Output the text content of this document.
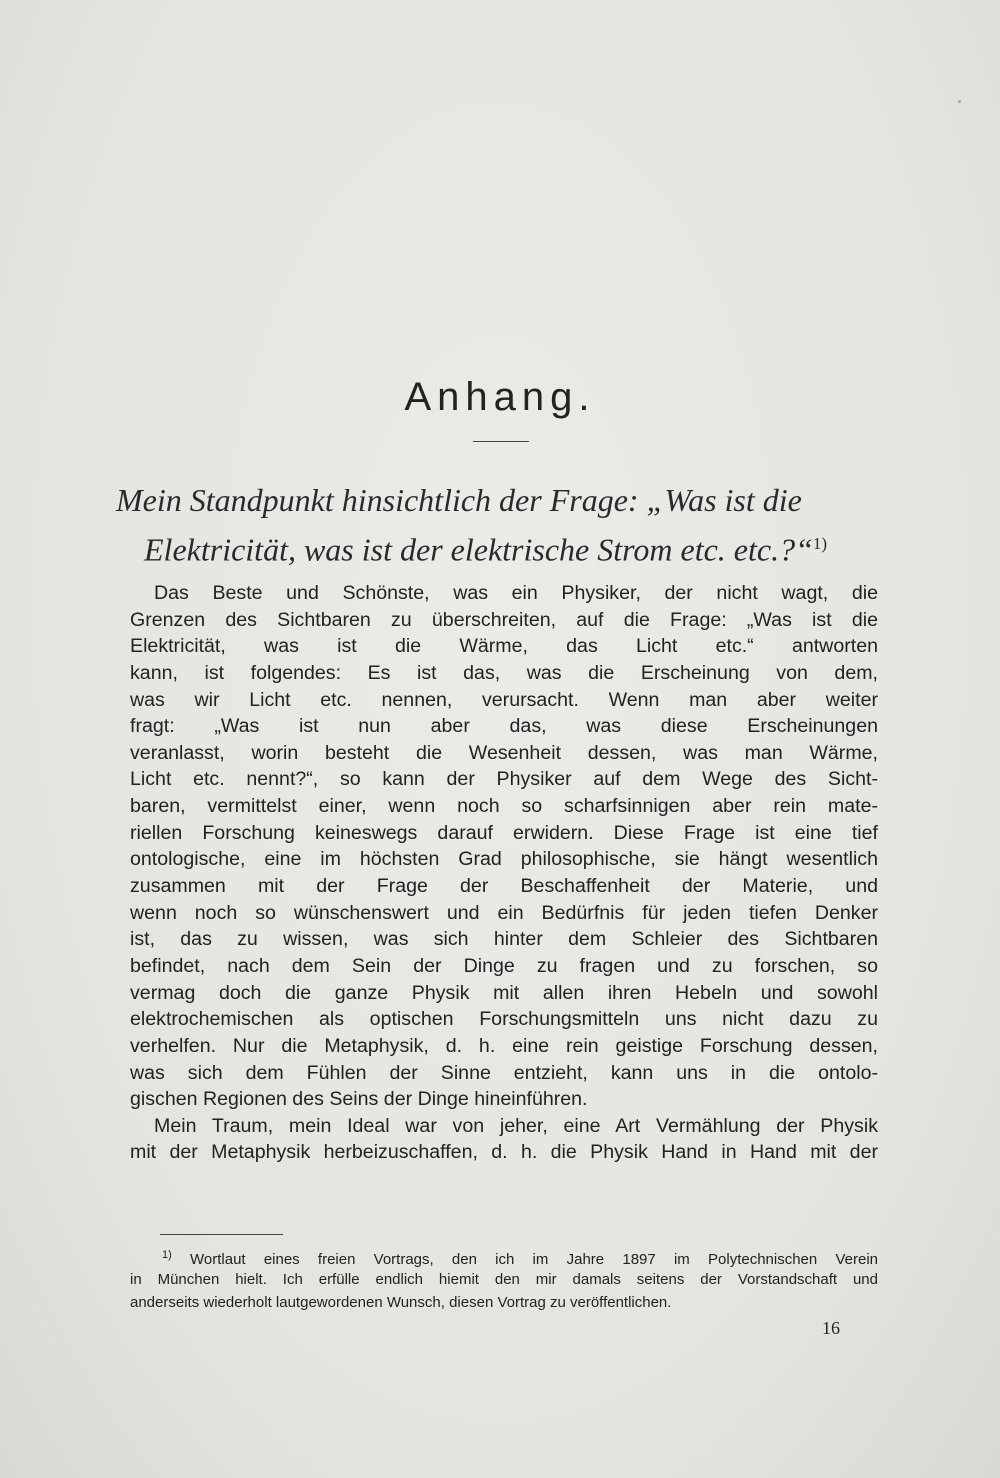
Anhang.
Mein Standpunkt hinsichtlich der Frage: „Was ist die
Elektricität, was ist der elektrische Strom etc. etc.?“$^{1)}$
Das Beste und Schönste, was ein Physiker, der nicht wagt, die
Grenzen des Sichtbaren zu überschreiten, auf die Frage: „Was ist die
Elektricität, was ist die Wärme, das Licht etc.“ antworten
kann, ist folgendes: Es ist das, was die Erscheinung von dem,
was wir Licht etc. nennen, verursacht. Wenn man aber weiter
fragt: „Was ist nun aber das, was diese Erscheinungen
veranlasst, worin besteht die Wesenheit dessen, was man Wärme,
Licht etc. nennt?“, so kann der Physiker auf dem Wege des Sicht-
baren, vermittelst einer, wenn noch so scharfsinnigen aber rein mate-
riellen Forschung keineswegs darauf erwidern. Diese Frage ist eine tief
ontologische, eine im höchsten Grad philosophische, sie hängt wesentlich
zusammen mit der Frage der Beschaffenheit der Materie, und
wenn noch so wünschenswert und ein Bedürfnis für jeden tiefen Denker
ist, das zu wissen, was sich hinter dem Schleier des Sichtbaren
befindet, nach dem Sein der Dinge zu fragen und zu forschen, so
vermag doch die ganze Physik mit allen ihren Hebeln und sowohl
elektrochemischen als optischen Forschungsmitteln uns nicht dazu zu
verhelfen. Nur die Metaphysik, d. h. eine rein geistige Forschung dessen,
was sich dem Fühlen der Sinne entzieht, kann uns in die ontolo-
gischen Regionen des Seins der Dinge hineinführen.
Mein Traum, mein Ideal war von jeher, eine Art Vermählung der Physik
mit der Metaphysik herbeizuschaffen, d. h. die Physik Hand in Hand mit der
$^{1)}$ Wortlaut eines freien Vortrags, den ich im Jahre 1897 im Polytechnischen Verein
in München hielt. Ich erfülle endlich hiemit den mir damals seitens der Vorstandschaft und
anderseits wiederholt lautgewordenen Wunsch, diesen Vortrag zu veröffentlichen.
16
